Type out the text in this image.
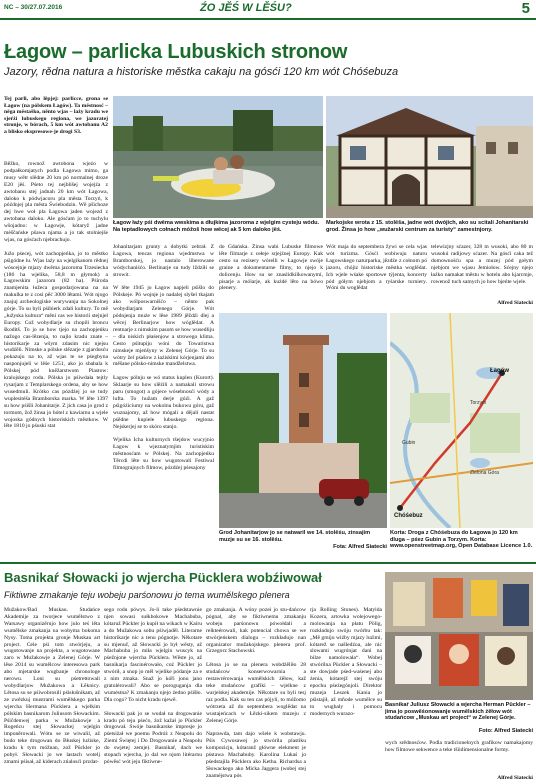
NC – 30/27.07.2016	ŹO JĔŚ W LĚŚU?	5
Łagow – parlicka Lubuskich stronow
Jazory, rědna natura a historiske městka cakaju na gósći 120 km wót Chóśebuza
Tej parli, abo lěpjej: parlicce, grona se Łagow (na pólskem Łagów). Ta městnosć – něga městaško, něnto wjas – laży kradu we sjeŕźi lubuskego regiona, we jazoratej stronje, w bórach, 5 km wót awtobanu A2 a blisko ekspresowe-je drogi S3.
Běžko, rownož awtobona wjeźo w podpałkomjatych podla Łagowa mimo, ga musy wětr slědne 20 km pó normalnej droze E20 jěś. Pśeto tej nejblišej wojejźa z awtobanu stej jadnah 20 km wót Łagowa, daloko k pódwjacoru pla města Torzyń, k późdnjej pla města Świebodzin. Wě pšichoze dej hwe woł pla Łagowa jaden wojezd z awtobana daloko. Ale gósćam jo to tuchylu wšojadno: w Łagowje, kótaryž jadne mèščańske pšawa njama a jo tak stolniejše wjas, na gósćach njebrachujo.

Južo pśecej, wót zachopjeńka, jo to městko pśigódne lu. Wjas laży na wjelgikanom rědnej wóscejnje mjazy dwěma jazoroma Trzesiecka (186 ha wjelika, 58,8 m głymok) a Łagowskim jazorom (82 ha). Pśiroda znamjenita łužeca gospodarjowana na na makulka te z cosi pěć 3000 lětami. Wót njogo znajuj archeologiske wurywanja na Sokolnej górje. To su byli pśibierk zdali kultury. To mě „łužyska kultura“ měni cas we historii stejnjel Europy. Což wobydlarje su chopili broncu škoditš. To jo se how tjejo na zachopjeńku nažogo cas-lězenja, to najlo kradu znate – historikarje za wšym zdasim nic njejsu wudźěli. Nimske a pólske slězarje z gjardosću pokazuju na to, až wjas te se pśegbyna nasponjujeli w lěśe 1251, ako jo sbabala k Pólskej pód kněžarstwom Piastow: kralojskego rodu. Pólska jo pśiwdała tejtly rysarjam z Templarskego ordena, aby se how wusedmuli. Krótko cas pózdźej jo se tudy wuplesitéša Bramborska marka. W lěte 1397 su how pśišli Johanitarje. Z jich casa jo grod z tormom, žož žinsa jo hótel z kawiarnu a wjele wojoska gódnych historiskich městkow. W lěte 1810 jo pśuski stat
Łagow łaży pśi dwěma wwskima a dłujkima jazoroma z wjelgim cysteju wódu. Na teptadlowych cołnach móžoš how wěcej ak 5 km daloko jěś.
Markojske wrota z 15. stolěša, jadne wót dwójich, ako su scitali Johanitarski grod. Žinsa jo how „wužarski centrum za turisty“ zamestnjony.
Johanitarjam grunty a dobytki zebrał. Z Łagowa, tencas regiona wjedmstwa w Bramborskej, jo nastalo liberowane wódychaniśćo. Berlinarje su tudy lždziłi se strowit.

W lěte 1945 jo Łagow napjeli pśišlo do Pólskeje. Pó wojnje jo nadalej slyšel tkajam ako wólposwarnišćo – něnto pak wobydlarjam Zelenego Górje. Wót pódnjenja muże w lěse 1989 jěždźi dlej a wěcej Berlinarjow how wóglědat. A rentnarje z nimskim pasom se how wusedliju – dla niskich płaśenjow a strowego klima. Cesto pśitupiju wóni do Towaristwa nimskeje mjeńšyny w Zelenej Górje. To su wótry žel pśašow z łaźiskimi kórjenjami abo měšane pólsko-nimske mandželstwa.

Łagow pólnju se wó status kuplen (Kurort). Sklaarje su how slěźili a namakali strowu paru (smogot) a gójece wósebnosći wódy a lufta. To hužam derje góźi. A gaž pśigóźiciumy na wokolnu bukowu góru, gaž wuznajomy, až how mógali a dějali nastat pśědne kupiele lubuskego regiona. Nejskerjej se to skóro stanjo.

Wjelika Icha kulturnych tšejdow wucyjnio Łagow k wjeznatymjim turistiskim městnosćam w Pólskej. Na zachopjeńku Těrcdi lěte su how wugotowali Festiwal filmograjnych filmow, pózdźej pśesajony
do Gdańska. Žinsa wabi Lubuske filmowe lěte filmarje z cełeje srjejźnej Europy. Kak cesto su rezisery wórelli w Łagowje swóje graine a dokumentarne filmy, to njejo k dolicenju. How su se znaslidkilkowanymi, pisarje a mólarje, ak kuźdé lěto na bówo plenery.
Wót maja do septembera žywi se cela wjas wót turizma. Gósći wobiwuju naturu Łagowskego naturparka, jězdźe z cołnom pó jazoru, chójiz historiske městka woglědat. Ich wjele wśake sportowe týjenta, koncerty pód gółym njebjom a ryśarske turniery. Wóni du woglědat
telewizjny sćazer, 328 m wusoki, abo 80 m wusokú radijowy sćazer. Na gósći caka tež domownośću spa a muzej pód gołym njebjom we wjasu Jemiołow. Sćejny njejo łaźko namakat městu w hotelu abo kjarcmje, rowenož tuch samych jo how bjeńte wjele.
Alfred Siatecki
Grod Johanitarjow jo se natwaril we 14. stolěśu, zinsajim muzje su se 16. stolěśu.
Fota: Alfred Siatecki
Chóśebuz
Łagów
Zielona Góra
Gubin
Torzym
Korta: Droga z Chóśebuza do Łagowa jo 120 km dluga – pśez Gubin a Torzym. Korta: www.openstreetmap.org, Open Database Licence 1.0.
Basnikaŕ Słowacki jo wjercha Pücklera wobźiwował
Fiktiwne zmakanje teju wobeju parśonowu jo tema wumělskego plenera
Mužakow/Bad Muskau. Studańce Akademije za tworjece wumělstwo z Warsawy organizěrujo how julo teś lěta wumělske zmakanja na wobyma bokoma Nysy. Toma projekta gronje Muskau art project. Cele pśi tom stwórjeju, a wugotowanje na projekta, a wugotowane zaro w Mužakowje a Zelenej Górje. W lěse 2014 su wumělcow interesowa park abo mjetarske wugbanje chronologe nerowu. Loni su pśetrettowali wobydlarjow Mužakowa a Łĕknicy. Lětosa su se pśiwobrosili pśisłušnikam, až ze zwězkuj mustrami wumělskego parka wjercha Hermana Pücklera a wjelkim pólskim basnikarom Juliusom Słowackim. Pśiĉdenwej parka w Mužakowje a Rogeńcu stej Słowackej wjelgin imponěrowali. Wótu se ze wiwalil, až budo teke drogowan do Błuskej luźiske, kradu k tym móžnan, zož Pückler jo pobył. Słowacki jo we lastach wotelj zmami pśisał, až kiderach zńalosći przdat-
sego rodu pówys. Jo-li take pśedstawnie njen sowasi sułkbokowe Machabuba, kótaruž Pückler jo kupił na wikach w Kairu a do Mužakowa sobu pśiwjaděl. Literarne historikarje nic a tenu pógnotje. Někotare su mjenuč, až Słowacki jo był wěsty, až Machabuba jo miła wjelgin wuscyk na pśežnjone wjercha Pücklera. Wěste jo, až basnikarja fascinérowało, coź Pückler jo stwórił, a snop jo měl wjelike pódanje za e z nim zmaka. Snaž jo kóři jonu jano gratulérowali? Abo se poroguganja dla wumėstna? K zmakanju njejo źedno pśišło. Dla cogo? To nicht kradu njewě.

Słowacki pak jo se wudał na drogowanie kradu pó teju pśećo, źož kažał jo Pückler drogował. Swóje basnikarske impresje jo pśetsiżał we poemu Podróż z Neapolu do Ziemi Świętej i Do Drogowanie a Neapolu do swjetej zemje). Basnikaŕ, dach we stopach wjercha, jo dal we njom litérarnu pówěsć wót jeju fiktiwne-
go zmakanja. A wóny pozei jo stu-dańcow pógnal, aby se fiktiwnemu zmakanju wobeju parśonowu pówołdali a relkteérowali, kak potencial chowa se we stwórjeńskem dialogu – rozkładujo nan organizator mužakojskego plenera prof. Grzegorz Stachowski.

Lětosa jo se na plenera wobdźěliło 28 studańcow konserwowarnia a restawrérowanja wumělskich źěłow, kaž teke studańcow grafiki – wjelkne z warjelskej akademije. Někotare su byli tesj raz podla. Kak su ten cas pójyli, to móžomo wótrzeta až do septembera woglědat na wustajeńcach w Łězki-sikem muzeju z Zelenej Górje.

Naprawda, tam dajo wšele k wobstawju. Pśis Cywosawej jo stwórila plastiku kompozicju, kótaranž główne elekment je pśstawa Machabuby. Karolina Lukaś jo pśedstajila Pücklera ako Ketha. Richardsa a Słowackego ako Micka Jaggera (wobej stej znaméjstwa pós
rja Rolling Stones). Matylda Kozera, artowka wolejowego-molowanja na płatu Pölig, rozkładujo swóju twórbu tak: „Mě gmiju wiźby mjazy luźimi, kótarež se našledźoa, ale nic slowami wugrónjat dani na bilze namolowała“. Wobej stwórilna Pückler a Słowacki – ste dowjade pśed-waśenej abo żenia, kótarejž stej swóju epochu pśeźegónjoli. Direktor muzeja Leszek Kania jo pśistajił, až mňode wumělce su to wugbaly i pomocu modernych wurazo-
Basnikaŕ Juliusz Słowacki a wjercha Herman Pückler – jima jo poswěśonowanje wumělskich źěłow wót studańcow „Muskau art project“ w Zelenej Górje.
Foto: Alfred Siatecki
wych srědnosćow. Podla tradicionelnych grafikow namakajomy how filmowe sekwence a teke tšiidimensionalne formy.
Alfred Siatecki
